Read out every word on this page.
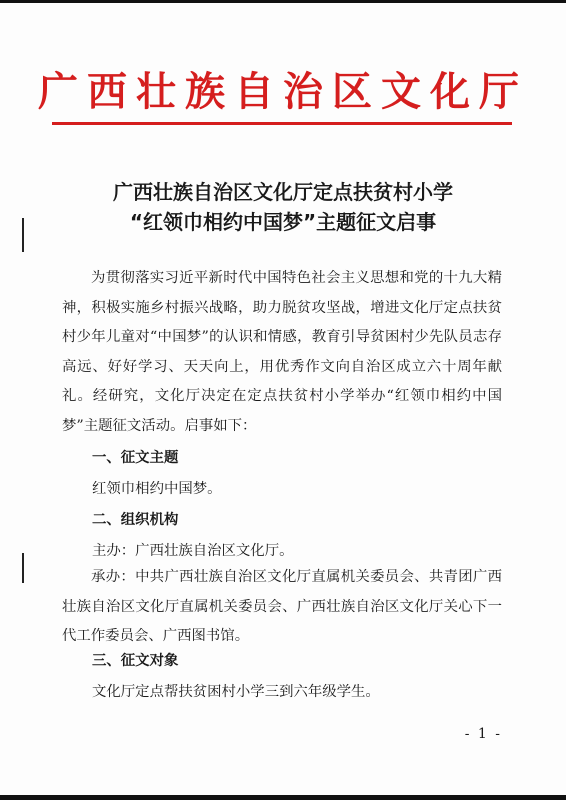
广西壮族自治区文化厅
广西壮族自治区文化厅定点扶贫村小学
“红领巾相约中国梦”主题征文启事

为贯彻落实习近平新时代中国特色社会主义思想和党的十九大精神，积极实施乡村振兴战略，助力脱贫攻坚战，增进文化厅定点扶贫村少年儿童对“中国梦”的认识和情感，教育引导贫困村少先队员志存高远、好好学习、天天向上，用优秀作文向自治区成立六十周年献礼。经研究，文化厅决定在定点扶贫村小学举办“红领巾相约中国梦”主题征文活动。启事如下：

一、征文主题
红领巾相约中国梦。
二、组织机构
主办：广西壮族自治区文化厅。

承办：中共广西壮族自治区文化厅直属机关委员会、共青团广西壮族自治区文化厅直属机关委员会、广西壮族自治区文化厅关心下一代工作委员会、广西图书馆。

三、征文对象
文化厅定点帮扶贫困村小学三到六年级学生。
- 1 -
